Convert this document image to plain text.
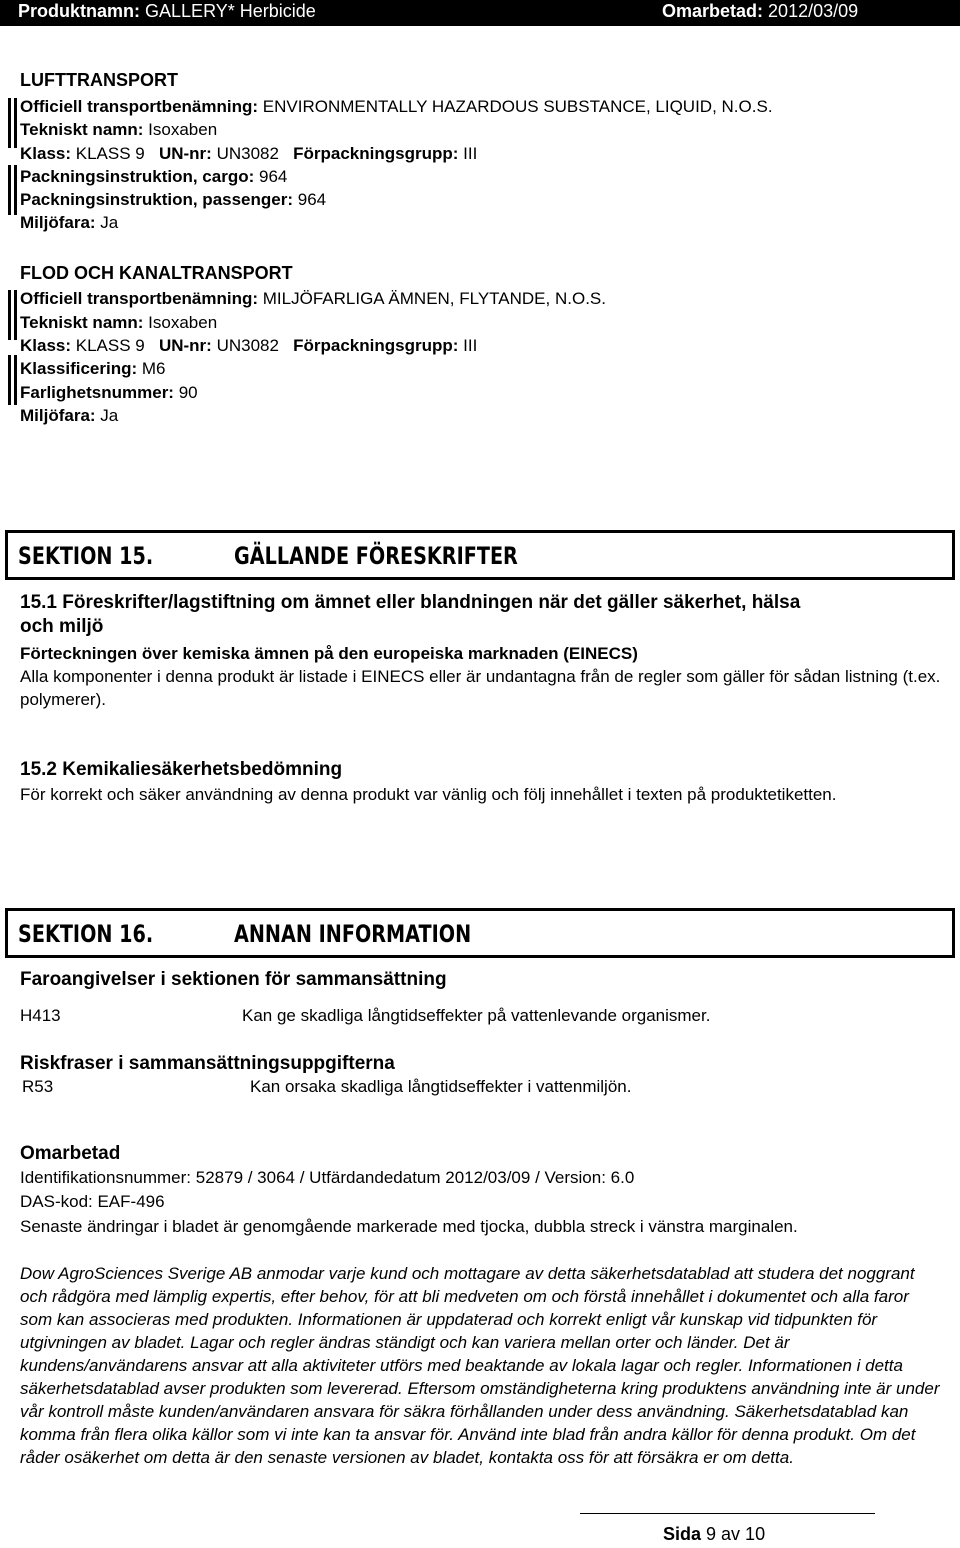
Produktnamn: GALLERY* Herbicide	Omarbetad: 2012/03/09
LUFTTRANSPORT
Officiell transportbenämning: ENVIRONMENTALLY HAZARDOUS SUBSTANCE, LIQUID, N.O.S.
Tekniskt namn: Isoxaben
Klass: KLASS 9 UN-nr: UN3082 Förpackningsgrupp: III
Packningsinstruktion, cargo: 964
Packningsinstruktion, passenger: 964
Miljöfara: Ja
FLOD OCH KANALTRANSPORT
Officiell transportbenämning: MILJÖFARLIGA ÄMNEN, FLYTANDE, N.O.S.
Tekniskt namn: Isoxaben
Klass: KLASS 9 UN-nr: UN3082 Förpackningsgrupp: III
Klassificering: M6
Farlighetsnummer: 90
Miljöfara: Ja
SEKTION 15.	GÄLLANDE FÖRESKRIFTER
15.1 Föreskrifter/lagstiftning om ämnet eller blandningen när det gäller säkerhet, hälsa
och miljö
Förteckningen över kemiska ämnen på den europeiska marknaden (EINECS)
Alla komponenter i denna produkt är listade i EINECS eller är undantagna från de regler som gäller för sådan listning (t.ex. polymerer).
15.2 Kemikaliesäkerhetsbedömning
För korrekt och säker användning av denna produkt var vänlig och följ innehållet i texten på produktetiketten.
SEKTION 16.	ANNAN INFORMATION
Faroangivelser i sektionen för sammansättning
H413	Kan ge skadliga långtidseffekter på vattenlevande organismer.
Riskfraser i sammansättningsuppgifterna
R53	Kan orsaka skadliga långtidseffekter i vattenmiljön.
Omarbetad
Identifikationsnummer: 52879 / 3064 / Utfärdandedatum 2012/03/09 / Version: 6.0
DAS-kod: EAF-496
Senaste ändringar i bladet är genomgående markerade med tjocka, dubbla streck i vänstra marginalen.
Dow AgroSciences Sverige AB anmodar varje kund och mottagare av detta säkerhetsdatablad att studera det noggrant och rådgöra med lämplig expertis, efter behov, för att bli medveten om och förstå innehållet i dokumentet och alla faror som kan associeras med produkten. Informationen är uppdaterad och korrekt enligt vår kunskap vid tidpunkten för utgivningen av bladet. Lagar och regler ändras ständigt och kan variera mellan orter och länder. Det är kundens/användarens ansvar att alla aktiviteter utförs med beaktande av lokala lagar och regler. Informationen i detta säkerhetsdatablad avser produkten som levererad. Eftersom omständigheterna kring produktens användning inte är under vår kontroll måste kunden/användaren ansvara för säkra förhållanden under dess användning. Säkerhetsdatablad kan komma från flera olika källor som vi inte kan ta ansvar för. Använd inte blad från andra källor för denna produkt. Om det råder osäkerhet om detta är den senaste versionen av bladet, kontakta oss för att försäkra er om detta.
Sida 9 av 10
